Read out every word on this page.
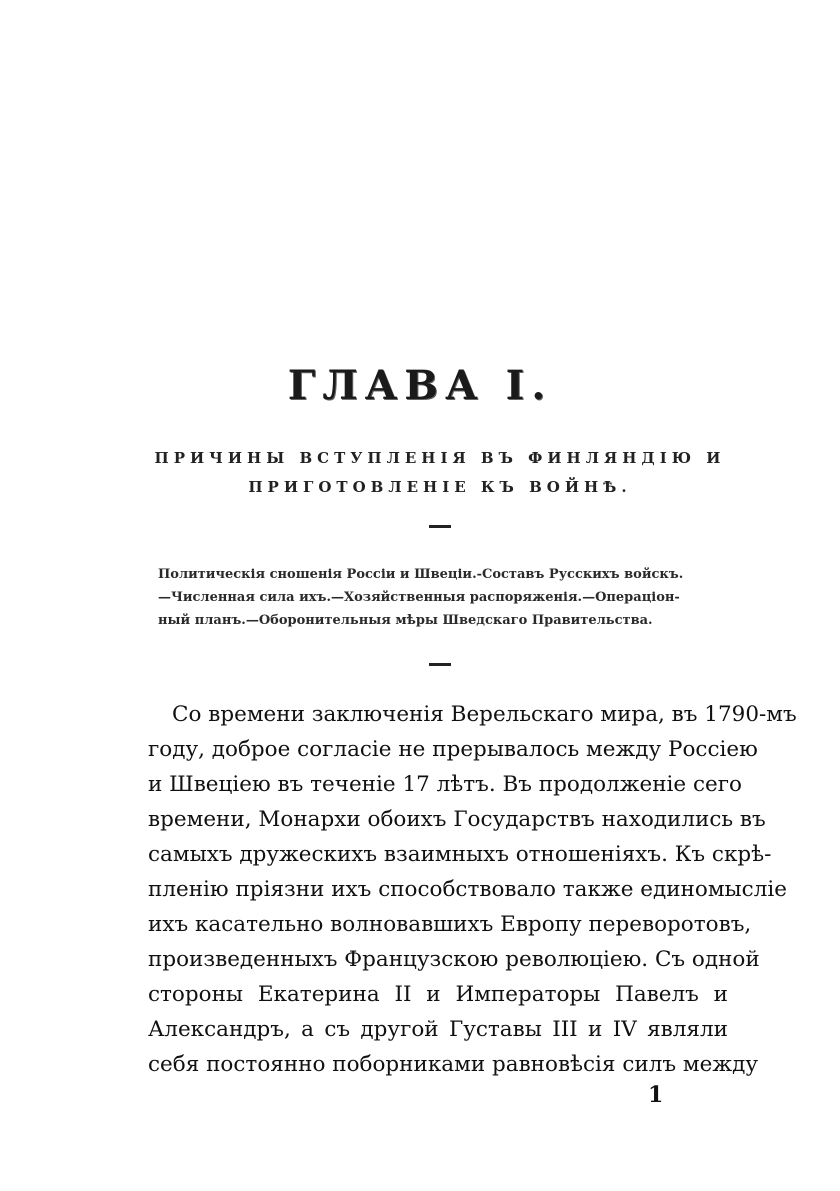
ГЛАВА I.
ПРИЧИНЫ ВСТУПЛЕНІЯ ВЪ ФИНЛЯНДІЮ И
ПРИГОТОВЛЕНІЕ КЪ ВОЙНѢ.
Политическія сношенія Россіи и Швеціи.-Составъ Русскихъ войскъ.
—Численная силa ихъ.—Хозяйственныя распоряженія.—Операціон-
ный планъ.—Оборонительныя мѣры Шведскаго Правительства.
Со времени заключенія Верельскаго мира, въ 1790-мъ
году, доброе согласіе не прерывалось между Россіею
и Швеціею въ теченіе 17 лѣтъ. Въ продолженіе сего
времени, Монархи обоихъ Государствъ находились въ
самыхъ дружескихъ взаимныхъ отношеніяхъ. Къ скрѣ-
пленію пріязни ихъ способствовало также единомысліе
ихъ касательно волновавшихъ Европу переворотовъ,
произведенныхъ Французскою революціею. Съ одной
стороны Екатерина II и Императоры Павелъ и
Александръ, а съ другой Густавы III и IV являли
себя постоянно поборниками равновѣсія силъ между
1
